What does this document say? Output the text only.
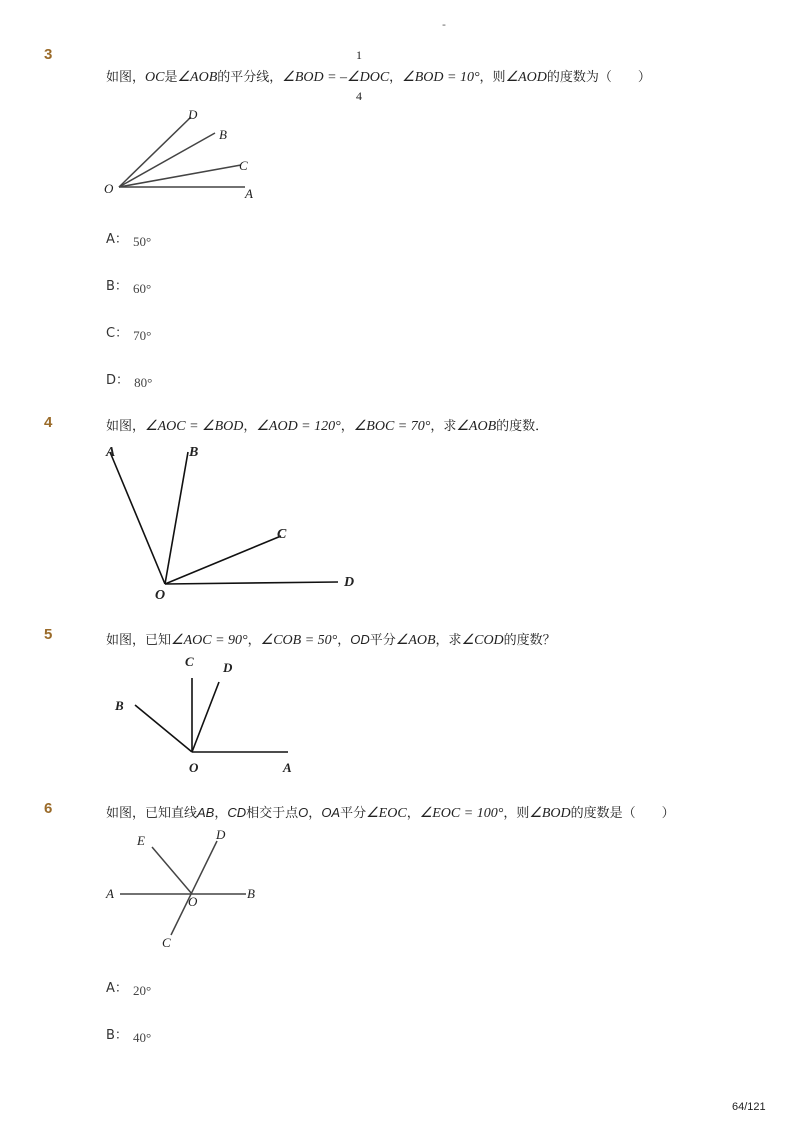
-
3	1
4
如图，OC是∠AOB的平分线，∠BOD = –∠DOC，∠BOD = 10°，则∠AOD的度数为（　　）
D
B
C
O	A
A： 50°
B： 60°
C： 70°
D： 80°
4	如图，∠AOC = ∠BOD，∠AOD = 120°，∠BOC = 70°，求∠AOB的度数．
A	B
C
D
O
5	如图，已知∠AOC = 90°，∠COB = 50°，OD平分∠AOB，求∠COD的度数？
C D
B
O	A
6	如图，已知直线AB，CD相交于点O，OA平分∠EOC，∠EOC = 100°，则∠BOD的度数是（　　）
E	D
A
O
B
C
A： 20°
B： 40°
64/121
